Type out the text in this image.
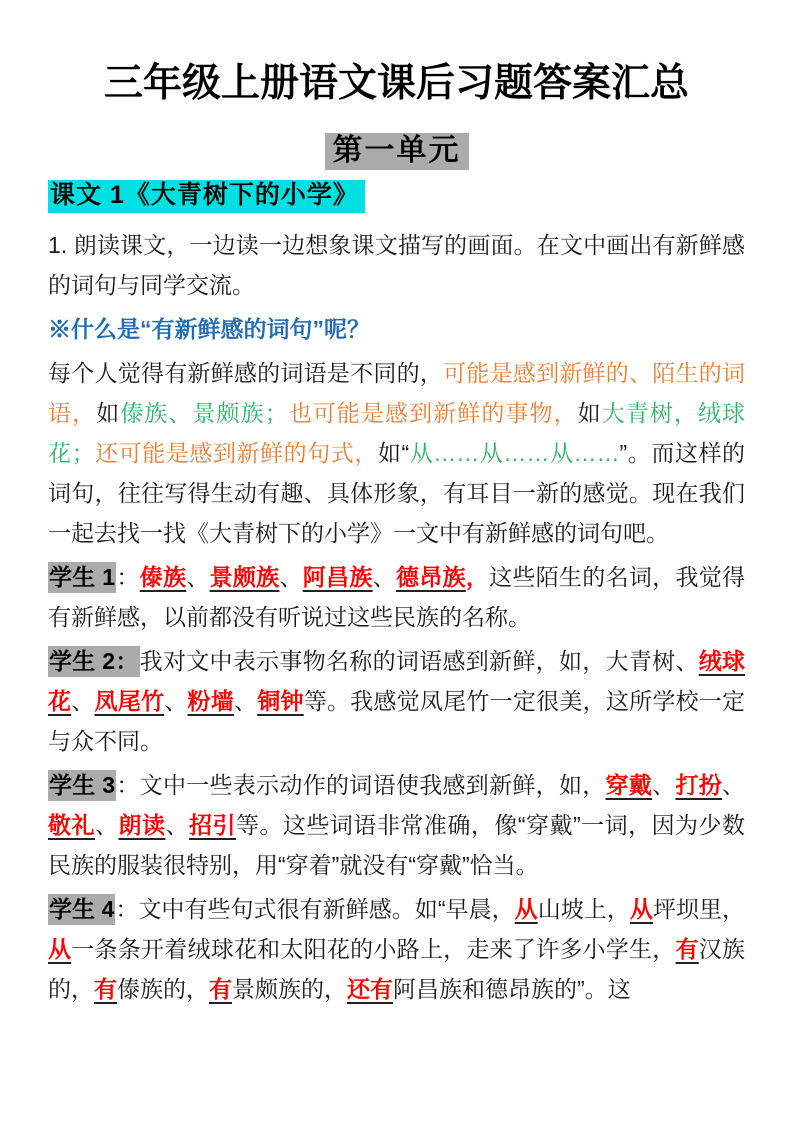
三年级上册语文课后习题答案汇总
第一单元
课文 1《大青树下的小学》

1. 朗读课文，一边读一边想象课文描写的画面。在文中画出有新鲜感的词句与同学交流。

※什么是“有新鲜感的词句”呢？

每个人觉得有新鲜感的词语是不同的，可能是感到新鲜的、陌生的词语，如傣族、景颇族；也可能是感到新鲜的事物，如大青树，绒球花；还可能是感到新鲜的句式，如“从……从……从……”。而这样的词句，往往写得生动有趣、具体形象，有耳目一新的感觉。现在我们一起去找一找《大青树下的小学》一文中有新鲜感的词句吧。

学生 1：傣族、景颇族、阿昌族、德昂族，这些陌生的名词，我觉得有新鲜感，以前都没有听说过这些民族的名称。

学生 2：我对文中表示事物名称的词语感到新鲜，如，大青树、绒球花、凤尾竹、粉墙、铜钟等。我感觉凤尾竹一定很美，这所学校一定与众不同。

学生 3：文中一些表示动作的词语使我感到新鲜，如，穿戴、打扮、敬礼、朗读、招引等。这些词语非常准确，像“穿戴”一词，因为少数民族的服装很特别，用“穿着”就没有“穿戴”恰当。

学生 4：文中有些句式很有新鲜感。如“早晨，从山坡上，从坪坝里，从一条条开着绒球花和太阳花的小路上，走来了许多小学生，有汉族的，有傣族的，有景颇族的，还有阿昌族和德昂族的”。这
